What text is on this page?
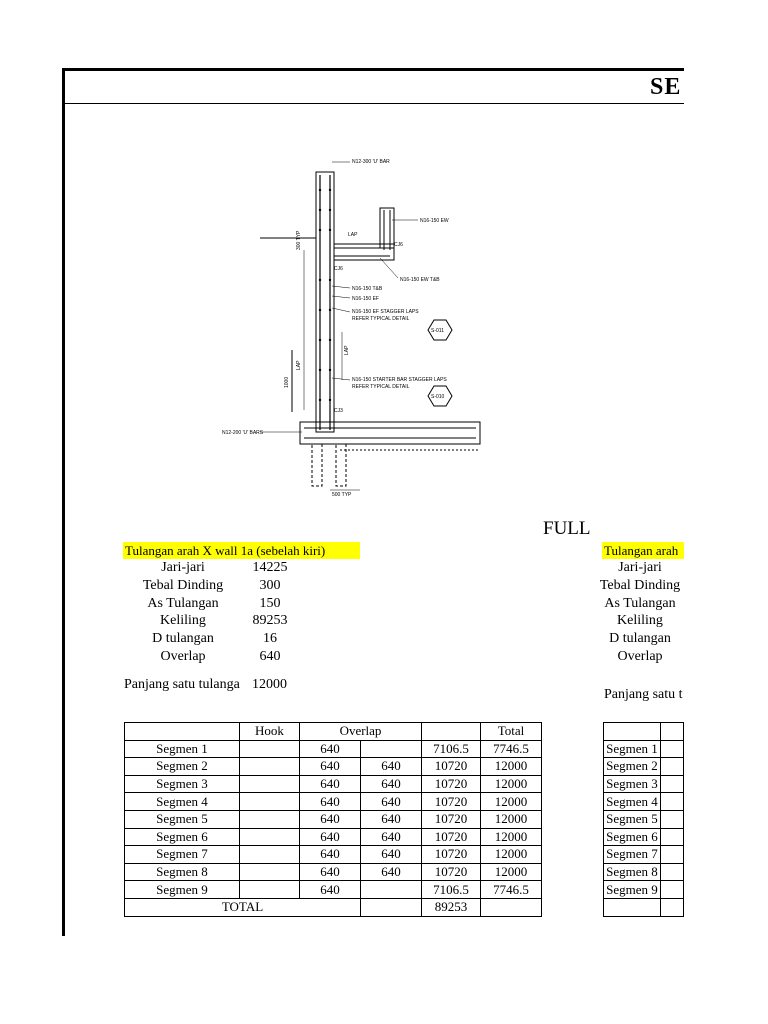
SE
N12-300 'U' BAR
N16-150 EW
LAP
CJ6
300 TYP
CJ6
N16-150 EW T&B
N16-150 T&B
N16-150 EF
N16-150 EF STAGGER LAPS
REFER TYPICAL DETAIL
S-011
LAP
LAP
1000	N16-150 STARTER BAR STAGGER LAPS
REFER TYPICAL DETAIL
S-010
CJ3
N12-200 'U' BARS
500 TYP
FULL
Tulangan arah X wall 1a (sebelah kiri)
Jari-jari	14225
Tebal Dinding	300
As Tulangan	150
Keliling	89253
D tulangan	16
Overlap	640
Panjang satu tulanga 12000
	Hook	Overlap			Total
Segmen 1		640		7106.5	7746.5
Segmen 2		640	640	10720	12000
Segmen 3		640	640	10720	12000
Segmen 4		640	640	10720	12000
Segmen 5		640	640	10720	12000
Segmen 6		640	640	10720	12000
Segmen 7		640	640	10720	12000
Segmen 8		640	640	10720	12000
Segmen 9		640		7106.5	7746.5
TOTAL				89253	
Tulangan arah
Jari-jari
Tebal Dinding
As Tulangan
Keliling
D tulangan
Overlap
Panjang satu t

Segmen 1	
Segmen 2	
Segmen 3	
Segmen 4	
Segmen 5	
Segmen 6	
Segmen 7	
Segmen 8	
Segmen 9	
